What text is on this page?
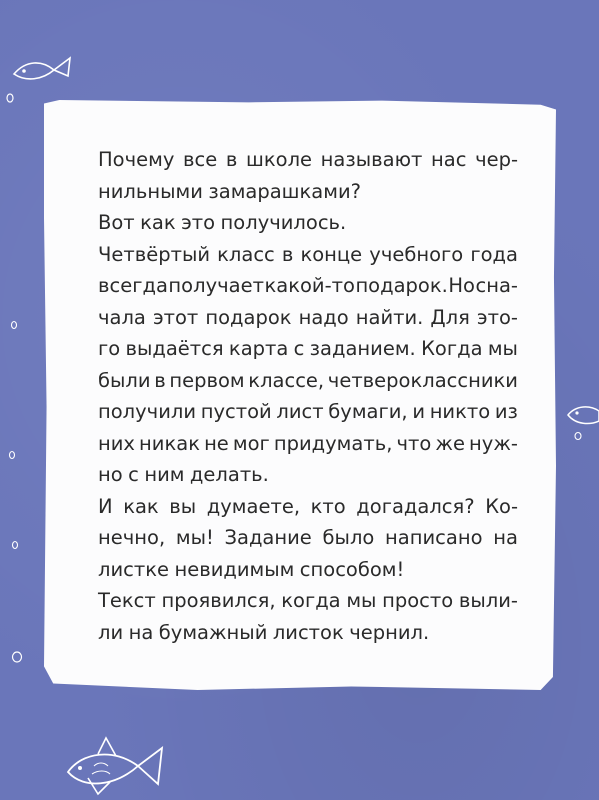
Почему все в школе называют нас чер-
нильными замарашками?
Вот как это получилось.
Четвёртый класс в конце учебного года
всегда получает какой-то подарок. Но сна-
чала этот подарок надо найти. Для это-
го выдаётся карта с заданием. Когда мы
были в первом классе, четвероклассники
получили пустой лист бумаги, и никто из
них никак не мог придумать, что же нуж-
но с ним делать.
И как вы думаете, кто догадался? Ко-
нечно, мы! Задание было написано на
листке невидимым способом!
Текст проявился, когда мы просто выли-
ли на бумажный листок чернил.
